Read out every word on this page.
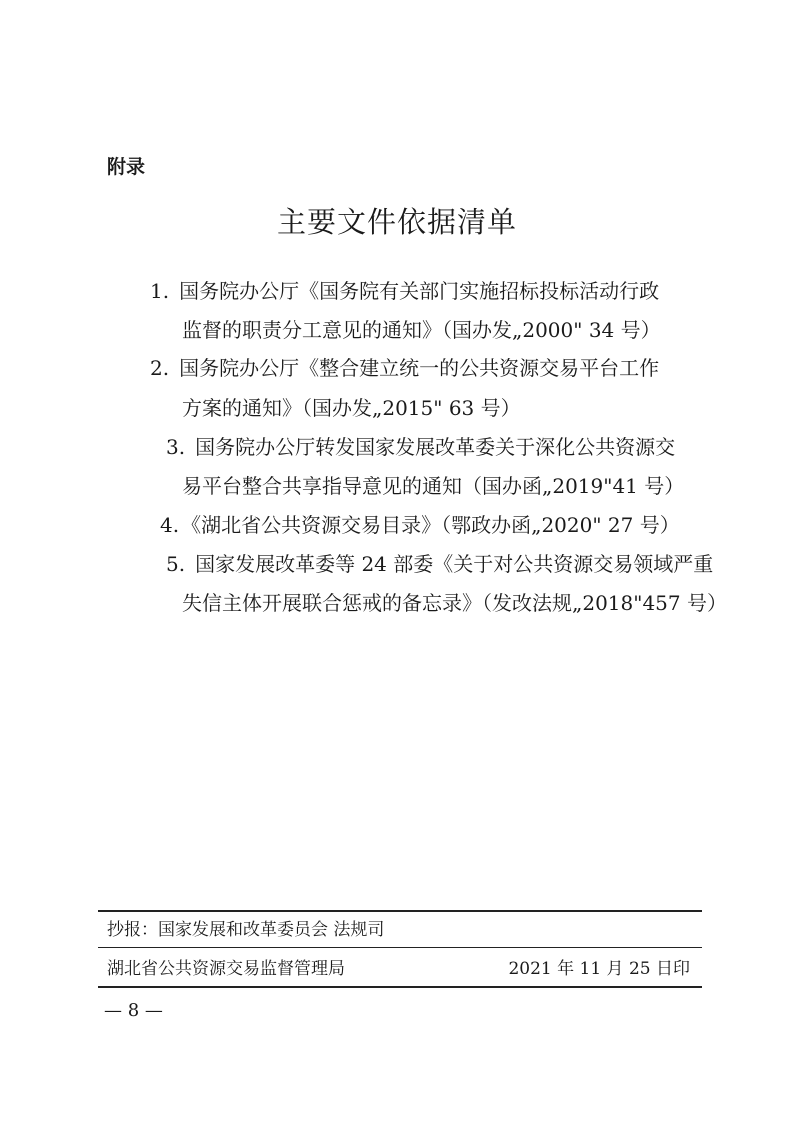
附录
主要文件依据清单
1. 国务院办公厅《国务院有关部门实施招标投标活动行政
监督的职责分工意见的通知》（国办发„2000" 34 号）
2. 国务院办公厅《整合建立统一的公共资源交易平台工作
方案的通知》（国办发„2015" 63 号）
3. 国务院办公厅转发国家发展改革委关于深化公共资源交
易平台整合共享指导意见的通知（国办函„2019"41 号）
4. 《湖北省公共资源交易目录》（鄂政办函„2020" 27 号）
5. 国家发展改革委等 24 部委《关于对公共资源交易领域严重
失信主体开展联合惩戒的备忘录》（发改法规„2018"457 号）
抄报：国家发展和改革委员会 法规司
湖北省公共资源交易监督管理局	2021 年 11 月 25 日印
— 8 —
